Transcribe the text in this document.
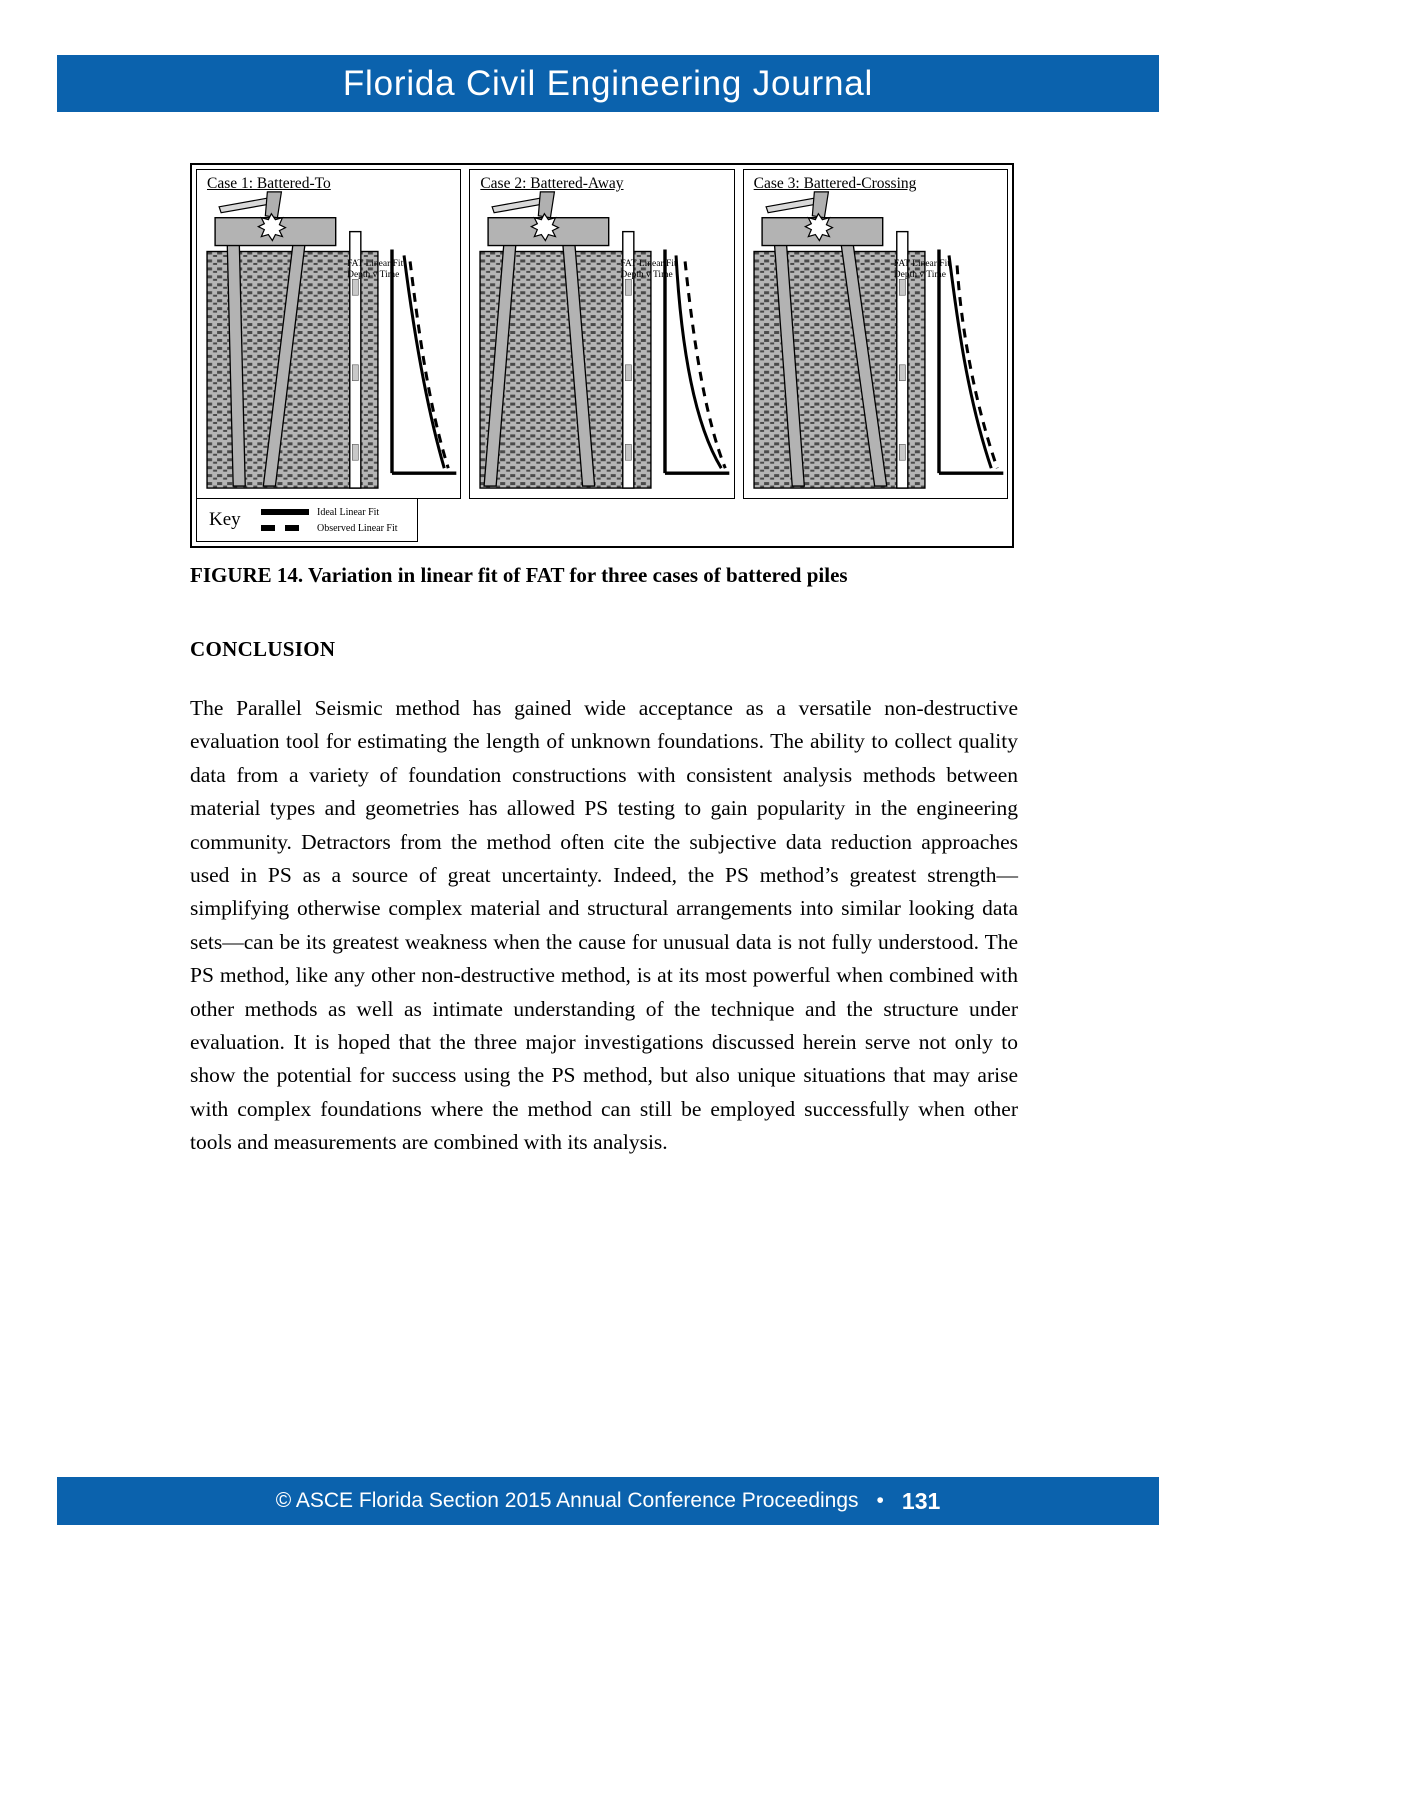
Florida Civil Engineering Journal
Case 1: Battered-To
FAT Linear Fit
Depth v Time
Case 2: Battered-Away
FAT Linear Fit
Depth v Time
Case 3: Battered-Crossing
FAT Linear Fit
Depth v Time
Key	Ideal Linear Fit
Observed Linear Fit
FIGURE 14. Variation in linear fit of FAT for three cases of battered piles
CONCLUSION
The Parallel Seismic method has gained wide acceptance as a versatile non-destructive evaluation tool for estimating the length of unknown foundations. The ability to collect quality data from a variety of foundation constructions with consistent analysis methods between material types and geometries has allowed PS testing to gain popularity in the engineering community. Detractors from the method often cite the subjective data reduction approaches used in PS as a source of great uncertainty. Indeed, the PS method’s greatest strength—simplifying otherwise complex material and structural arrangements into similar looking data sets—can be its greatest weakness when the cause for unusual data is not fully understood. The PS method, like any other non-destructive method, is at its most powerful when combined with other methods as well as intimate understanding of the technique and the structure under evaluation. It is hoped that the three major investigations discussed herein serve not only to show the potential for success using the PS method, but also unique situations that may arise with complex foundations where the method can still be employed successfully when other tools and measurements are combined with its analysis.
© ASCE Florida Section 2015 Annual Conference Proceedings • 131
